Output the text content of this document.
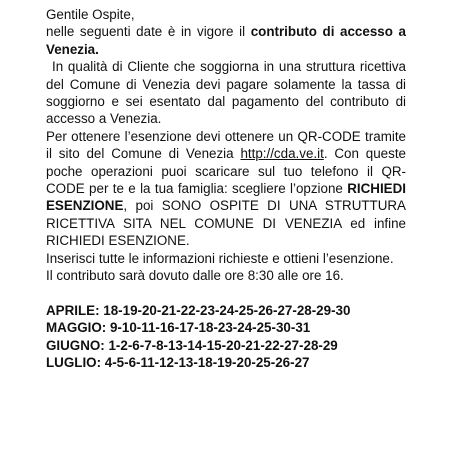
Gentile Ospite,

nelle seguenti date è in vigore il contributo di accesso a Venezia.

In qualità di Cliente che soggiorna in una struttura ricettiva del Comune di Venezia devi pagare solamente la tassa di soggiorno e sei esentato dal pagamento del contributo di accesso a Venezia.

Per ottenere l’esenzione devi ottenere un QR-CODE tramite il sito del Comune di Venezia http://cda.ve.it. Con queste poche operazioni puoi scaricare sul tuo telefono il QR-CODE per te e la tua famiglia: scegliere l’opzione RICHIEDI ESENZIONE, poi SONO OSPITE DI UNA STRUTTURA RICETTIVA SITA NEL COMUNE DI VENEZIA ed infine RICHIEDI ESENZIONE.

Inserisci tutte le informazioni richieste e ottieni l’esenzione.

Il contributo sarà dovuto dalle ore 8:30 alle ore 16.

APRILE: 18-19-20-21-22-23-24-25-26-27-28-29-30

MAGGIO: 9-10-11-16-17-18-23-24-25-30-31

GIUGNO: 1-2-6-7-8-13-14-15-20-21-22-27-28-29

LUGLIO: 4-5-6-11-12-13-18-19-20-25-26-27
